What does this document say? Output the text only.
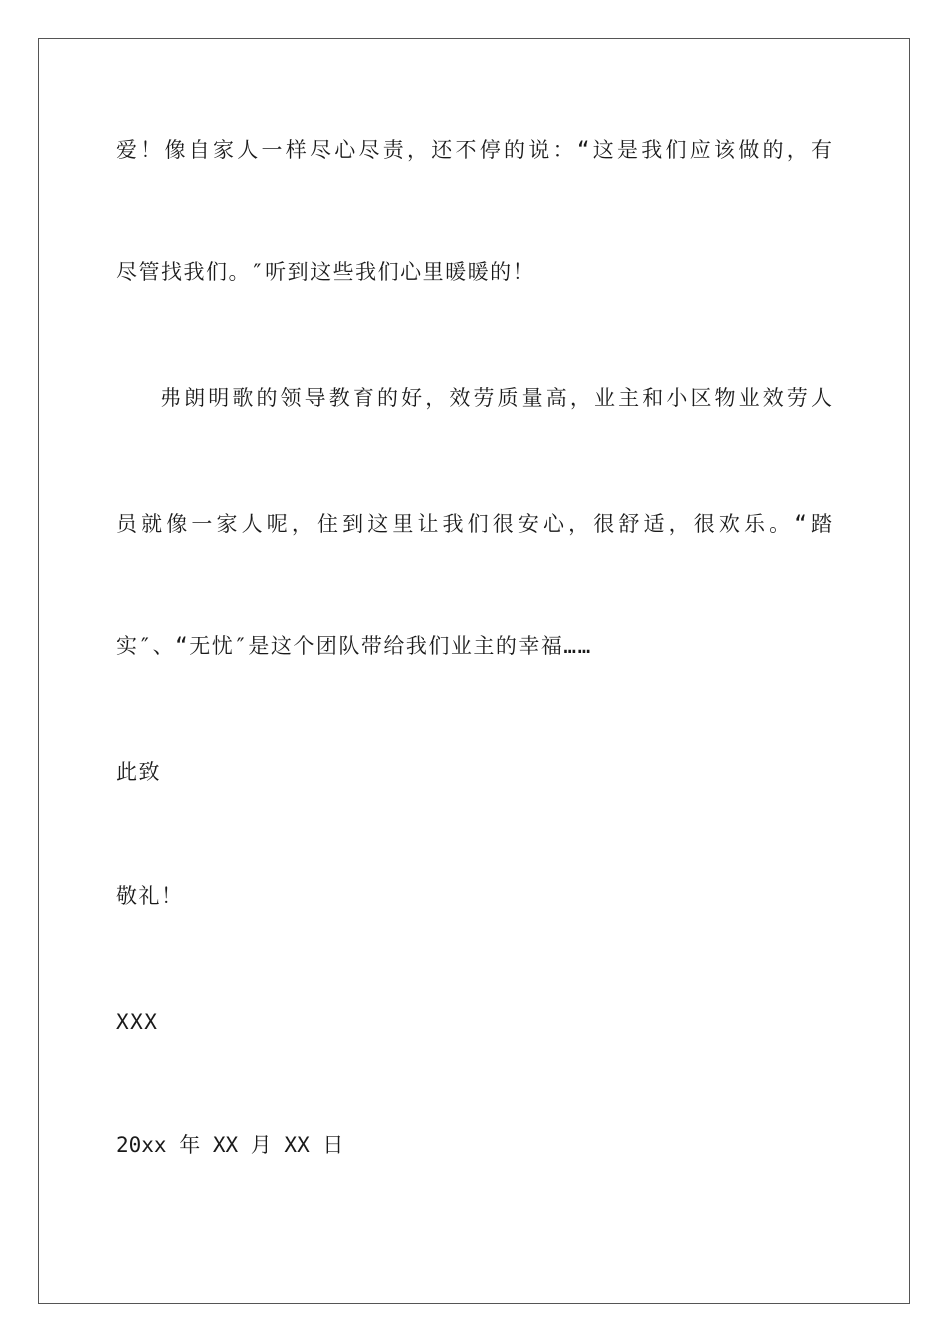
爱！像自家人一样尽心尽责，还不停的说：“这是我们应该做的，有
尽管找我们。″听到这些我们心里暖暖的！
弗朗明歌的领导教育的好，效劳质量高，业主和小区物业效劳人
员就像一家人呢，住到这里让我们很安心，很舒适，很欢乐。“踏
实″、“无忧″是这个团队带给我们业主的幸福……
此致
敬礼！
XXX
20xx 年 XX 月 XX 日
